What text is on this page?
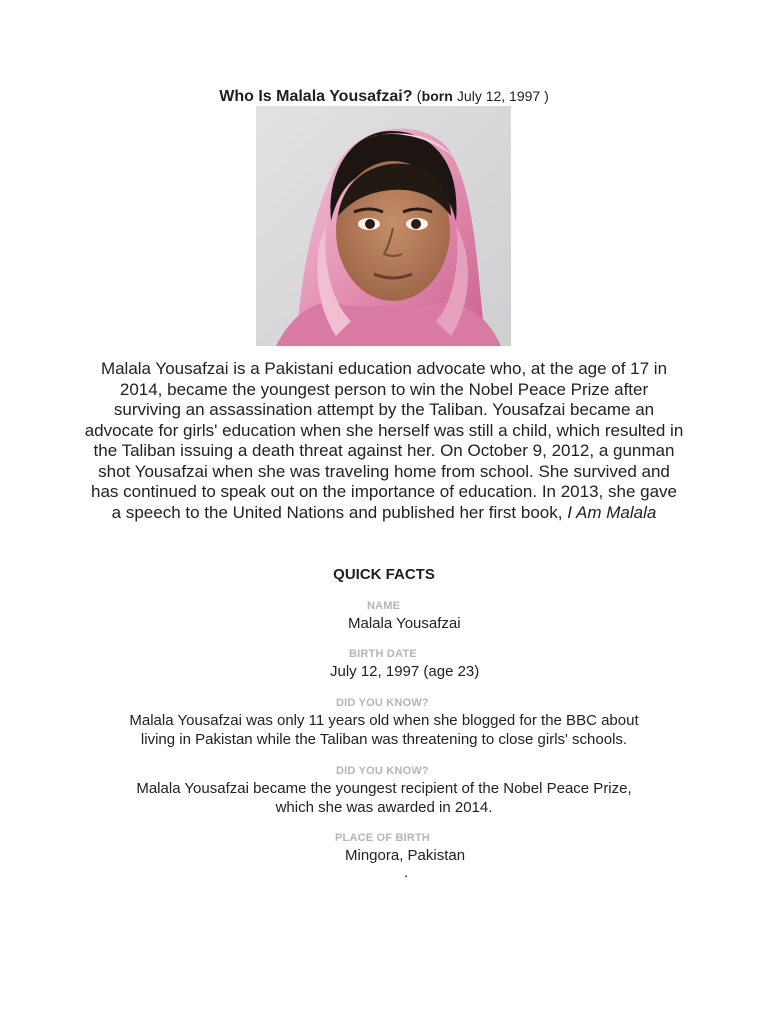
Who Is Malala Yousafzai? (born July 12, 1997 )
Malala Yousafzai is a Pakistani education advocate who, at the age of 17 in 2014, became the youngest person to win the Nobel Peace Prize after surviving an assassination attempt by the Taliban. Yousafzai became an advocate for girls' education when she herself was still a child, which resulted in the Taliban issuing a death threat against her. On October 9, 2012, a gunman shot Yousafzai when she was traveling home from school. She survived and has continued to speak out on the importance of education. In 2013, she gave a speech to the United Nations and published her first book, I Am Malala
QUICK FACTS
NAME
Malala Yousafzai
BIRTH DATE
July 12, 1997 (age 23)
DID YOU KNOW?
Malala Yousafzai was only 11 years old when she blogged for the BBC about
living in Pakistan while the Taliban was threatening to close girls' schools.
DID YOU KNOW?
Malala Yousafzai became the youngest recipient of the Nobel Peace Prize,
which she was awarded in 2014.
PLACE OF BIRTH
Mingora, Pakistan
.
